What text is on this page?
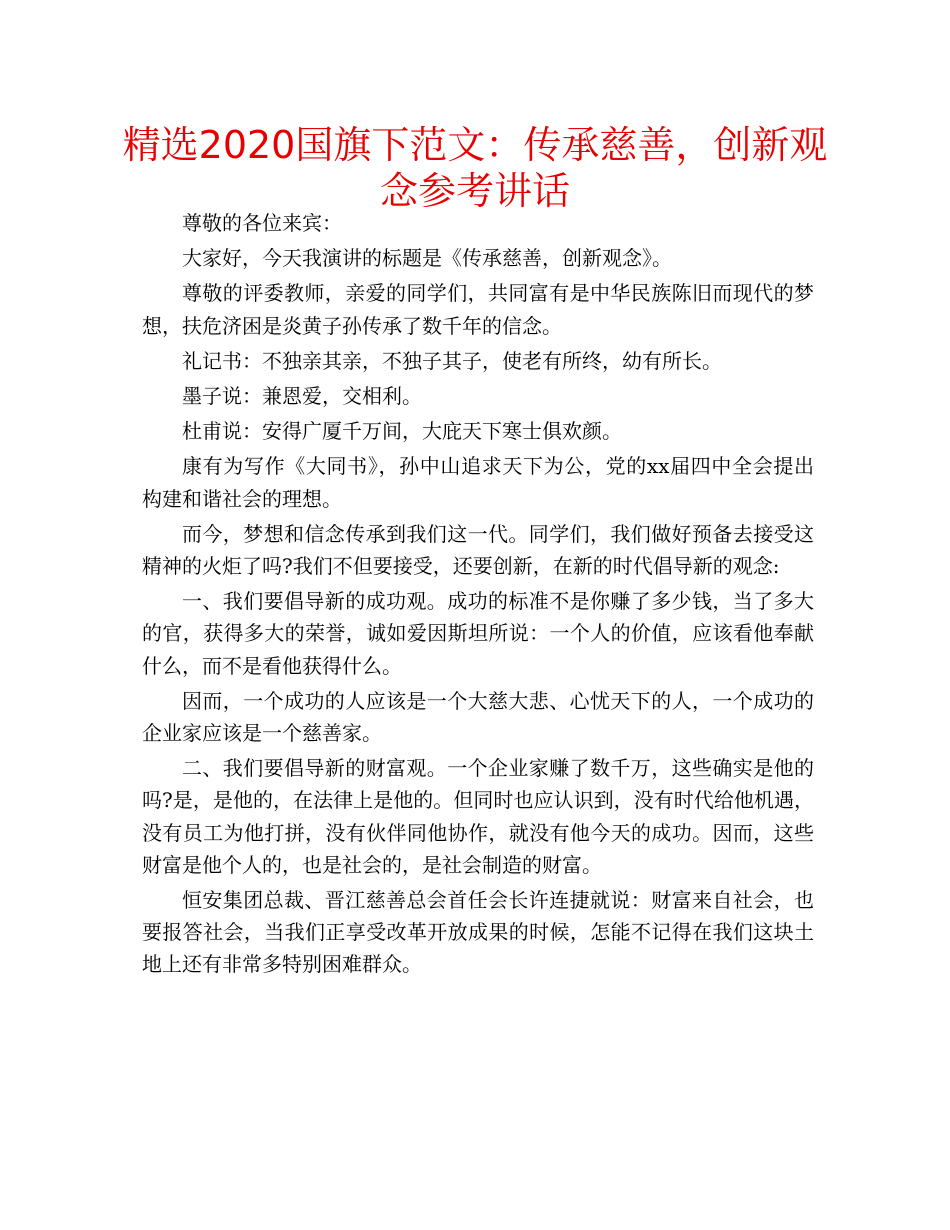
精选2020国旗下范文：传承慈善，创新观念参考讲话

尊敬的各位来宾：

大家好，今天我演讲的标题是《传承慈善，创新观念》。

尊敬的评委教师，亲爱的同学们，共同富有是中华民族陈旧而现代的梦想，扶危济困是炎黄子孙传承了数千年的信念。

礼记书：不独亲其亲，不独子其子，使老有所终，幼有所长。

墨子说：兼恩爱，交相利。

杜甫说：安得广厦千万间，大庇天下寒士俱欢颜。

康有为写作《大同书》，孙中山追求天下为公，党的xx届四中全会提出构建和谐社会的理想。

而今，梦想和信念传承到我们这一代。同学们，我们做好预备去接受这精神的火炬了吗?我们不但要接受，还要创新，在新的时代倡导新的观念:

一、我们要倡导新的成功观。成功的标准不是你赚了多少钱，当了多大的官，获得多大的荣誉，诚如爱因斯坦所说：一个人的价值，应该看他奉献什么，而不是看他获得什么。

因而，一个成功的人应该是一个大慈大悲、心忧天下的人，一个成功的企业家应该是一个慈善家。

二、我们要倡导新的财富观。一个企业家赚了数千万，这些确实是他的吗?是，是他的，在法律上是他的。但同时也应认识到，没有时代给他机遇，没有员工为他打拼，没有伙伴同他协作，就没有他今天的成功。因而，这些财富是他个人的，也是社会的，是社会制造的财富。

恒安集团总裁、晋江慈善总会首任会长许连捷就说：财富来自社会，也要报答社会，当我们正享受改革开放成果的时候，怎能不记得在我们这块土地上还有非常多特别困难群众。
